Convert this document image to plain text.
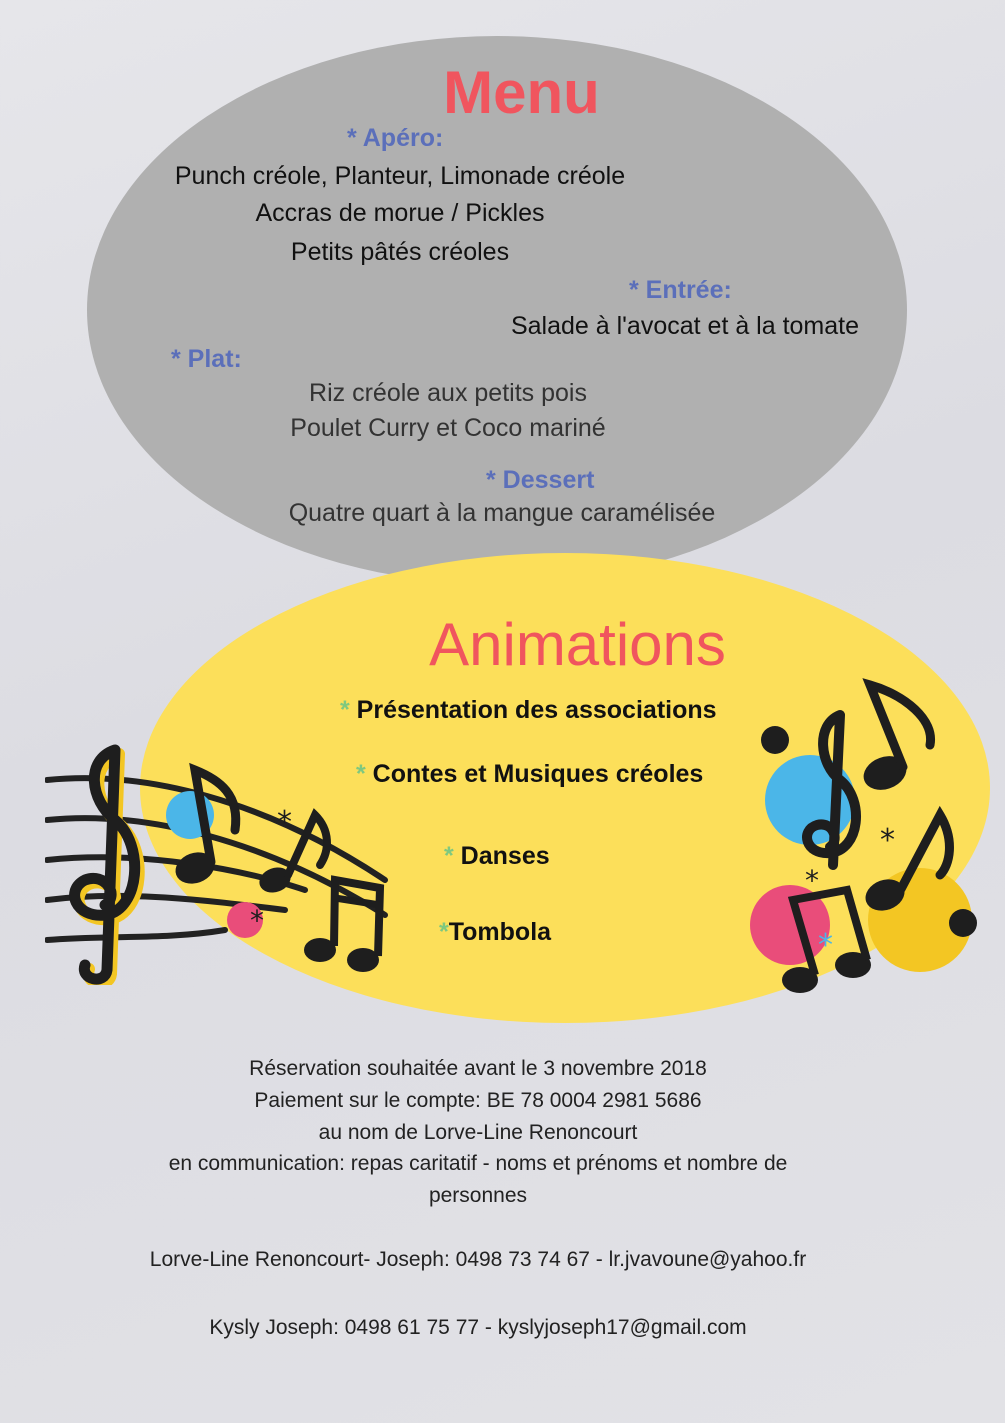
Menu
* Apéro:
Punch créole, Planteur, Limonade créole
Accras de morue / Pickles
Petits pâtés créoles
* Entrée:
Salade à l'avocat et à la tomate
* Plat:
Riz créole aux petits pois
Poulet Curry et Coco mariné
* Dessert
Quatre quart à la mangue caramélisée
Animations
* Présentation des associations
* Contes et Musiques créoles
* Danses
*Tombola
*
*
*
*
*
Réservation souhaitée avant le 3 novembre 2018
Paiement sur le compte: BE 78 0004 2981 5686
au nom de Lorve-Line Renoncourt
en communication: repas caritatif - noms et prénoms et nombre de
personnes
Lorve-Line Renoncourt- Joseph: 0498 73 74 67 - lr.jvavoune@yahoo.fr
Kysly Joseph: 0498 61 75 77 - kyslyjoseph17@gmail.com
